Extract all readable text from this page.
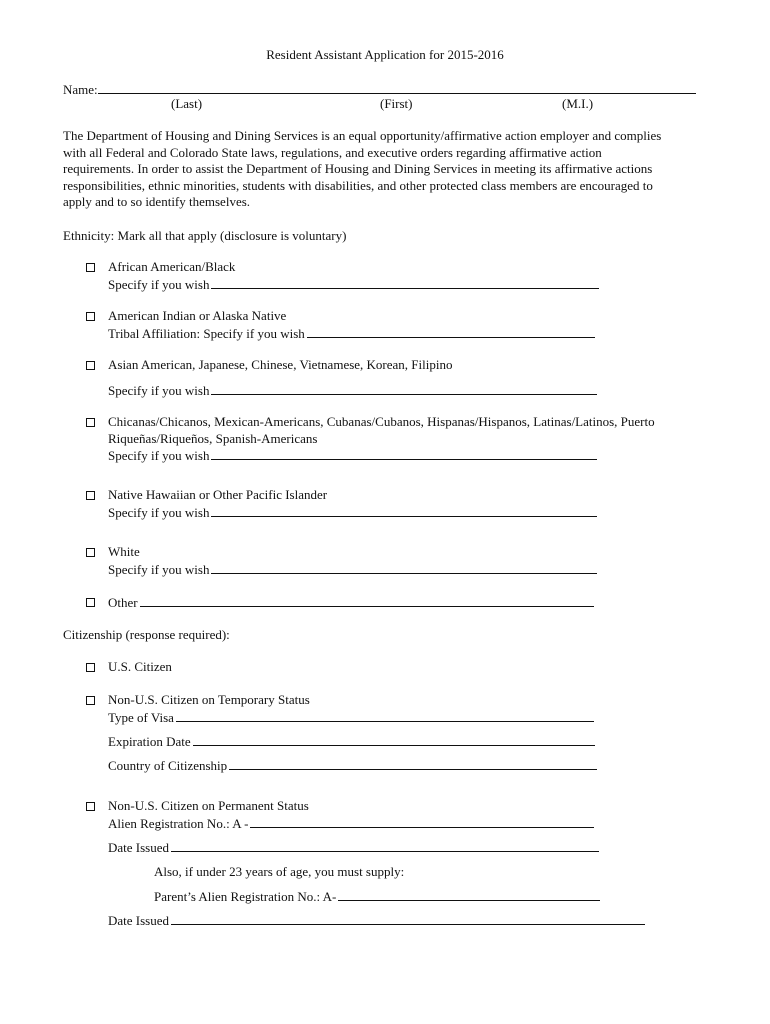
Resident Assistant Application for 2015-2016
Name:
(Last)	(First)	(M.I.)
The Department of Housing and Dining Services is an equal opportunity/affirmative action employer and complies
with all Federal and Colorado State laws, regulations, and executive orders regarding affirmative action
requirements. In order to assist the Department of Housing and Dining Services in meeting its affirmative actions
responsibilities, ethnic minorities, students with disabilities, and other protected class members are encouraged to
apply and to so identify themselves.
Ethnicity: Mark all that apply (disclosure is voluntary)
African American/Black
Specify if you wish
American Indian or Alaska Native
Tribal Affiliation: Specify if you wish
Asian American, Japanese, Chinese, Vietnamese, Korean, Filipino
Specify if you wish
Chicanas/Chicanos, Mexican-Americans, Cubanas/Cubanos, Hispanas/Hispanos, Latinas/Latinos, Puerto
Riqueñas/Riqueños, Spanish-Americans
Specify if you wish
Native Hawaiian or Other Pacific Islander
Specify if you wish
White
Specify if you wish
Other
Citizenship (response required):
U.S. Citizen
Non-U.S. Citizen on Temporary Status
Type of Visa
Expiration Date
Country of Citizenship
Non-U.S. Citizen on Permanent Status
Alien Registration No.: A -
Date Issued
Also, if under 23 years of age, you must supply:
Parent’s Alien Registration No.: A-
Date Issued
